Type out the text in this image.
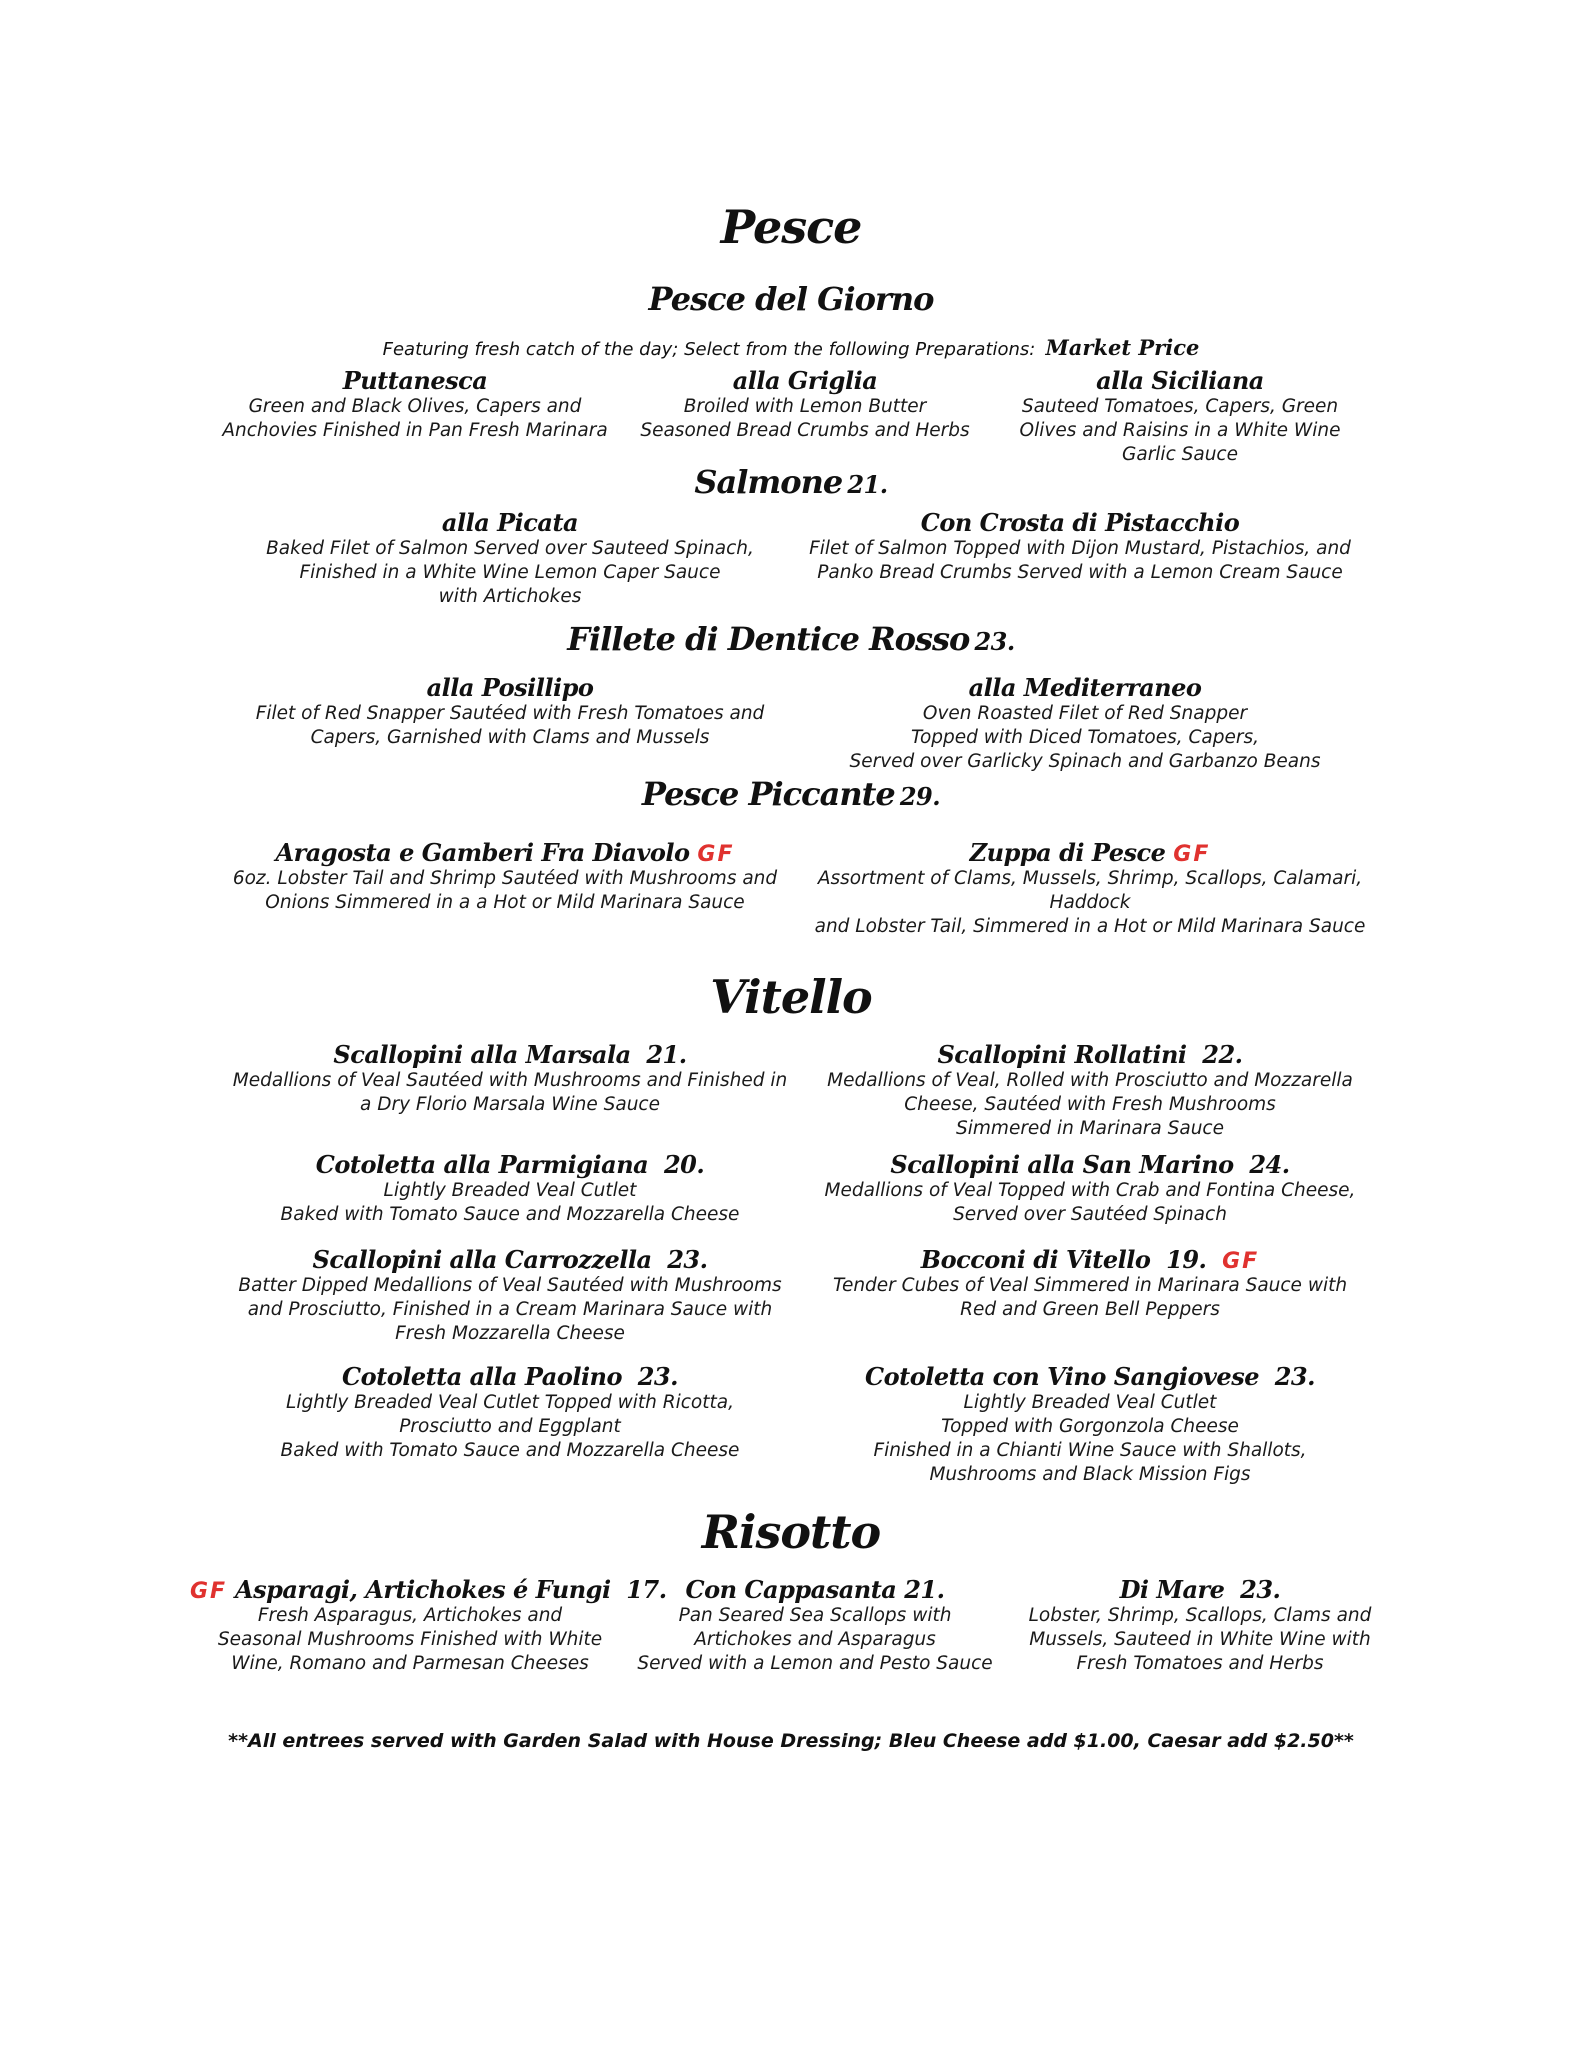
Pesce
Pesce del Giorno
Featuring fresh catch of the day; Select from the following Preparations: Market Price
Puttanesca
Green and Black Olives, Capers and
Anchovies Finished in Pan Fresh Marinara
alla Griglia
Broiled with Lemon Butter
Seasoned Bread Crumbs and Herbs
alla Siciliana
Sauteed Tomatoes, Capers, Green
Olives and Raisins in a White Wine
Garlic Sauce
Salmone 21.
alla Picata
Baked Filet of Salmon Served over Sauteed Spinach,
Finished in a White Wine Lemon Caper Sauce
with Artichokes
Con Crosta di Pistacchio
Filet of Salmon Topped with Dijon Mustard, Pistachios, and
Panko Bread Crumbs Served with a Lemon Cream Sauce
Fillete di Dentice Rosso 23.
alla Posillipo
Filet of Red Snapper Sautéed with Fresh Tomatoes and
Capers, Garnished with Clams and Mussels
alla Mediterraneo
Oven Roasted Filet of Red Snapper
Topped with Diced Tomatoes, Capers,
Served over Garlicky Spinach and Garbanzo Beans
Pesce Piccante 29.
Aragosta e Gamberi Fra Diavolo GF
6oz. Lobster Tail and Shrimp Sautéed with Mushrooms and
Onions Simmered in a a Hot or Mild Marinara Sauce
Zuppa di Pesce GF
Assortment of Clams, Mussels, Shrimp, Scallops, Calamari, Haddock
and Lobster Tail, Simmered in a Hot or Mild Marinara Sauce
Vitello
Scallopini alla Marsala 21.
Medallions of Veal Sautéed with Mushrooms and Finished in
a Dry Florio Marsala Wine Sauce
Scallopini Rollatini 22.
Medallions of Veal, Rolled with Prosciutto and Mozzarella
Cheese, Sautéed with Fresh Mushrooms
Simmered in Marinara Sauce
Cotoletta alla Parmigiana 20.
Lightly Breaded Veal Cutlet
Baked with Tomato Sauce and Mozzarella Cheese
Scallopini alla San Marino 24.
Medallions of Veal Topped with Crab and Fontina Cheese,
Served over Sautéed Spinach
Scallopini alla Carrozzella 23.
Batter Dipped Medallions of Veal Sautéed with Mushrooms
and Prosciutto, Finished in a Cream Marinara Sauce with
Fresh Mozzarella Cheese
Bocconi di Vitello 19. GF
Tender Cubes of Veal Simmered in Marinara Sauce with
Red and Green Bell Peppers
Cotoletta alla Paolino 23.
Lightly Breaded Veal Cutlet Topped with Ricotta,
Prosciutto and Eggplant
Baked with Tomato Sauce and Mozzarella Cheese
Cotoletta con Vino Sangiovese 23.
Lightly Breaded Veal Cutlet
Topped with Gorgonzola Cheese
Finished in a Chianti Wine Sauce with Shallots,
Mushrooms and Black Mission Figs
Risotto
GF Asparagi, Artichokes é Fungi 17.
Fresh Asparagus, Artichokes and
Seasonal Mushrooms Finished with White
Wine, Romano and Parmesan Cheeses
Con Cappasanta 21.
Pan Seared Sea Scallops with
Artichokes and Asparagus
Served with a Lemon and Pesto Sauce
Di Mare 23.
Lobster, Shrimp, Scallops, Clams and
Mussels, Sauteed in White Wine with
Fresh Tomatoes and Herbs
**All entrees served with Garden Salad with House Dressing; Bleu Cheese add $1.00, Caesar add $2.50**
